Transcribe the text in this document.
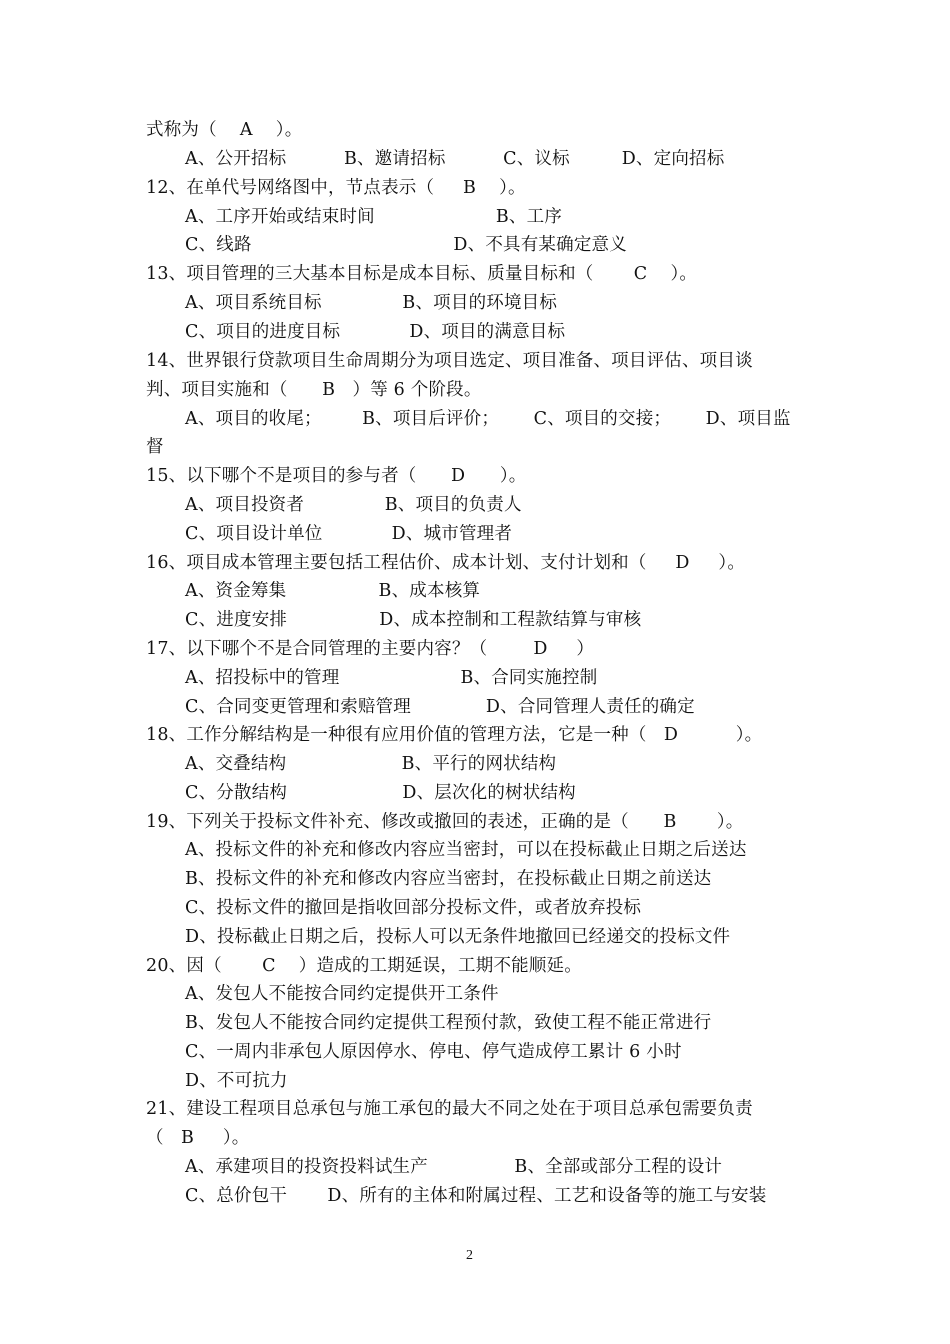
式称为（    A    ）。
A、公开招标          B、邀请招标          C、议标         D、定向招标
12、在单代号网络图中，节点表示（     B    ）。
A、工序开始或结束时间                     B、工序
C、线路                                   D、不具有某确定意义
13、项目管理的三大基本目标是成本目标、质量目标和（       C    ）。
A、项目系统目标              B、项目的环境目标
C、项目的进度目标            D、项目的满意目标
14、世界银行贷款项目生命周期分为项目选定、项目准备、项目评估、项目谈
判、项目实施和（      B   ）等 6 个阶段。
A、项目的收尾；       B、项目后评价；      C、项目的交接；      D、项目监
督
15、以下哪个不是项目的参与者（      D      ）。
A、项目投资者              B、项目的负责人
C、项目设计单位            D、城市管理者
16、项目成本管理主要包括工程估价、成本计划、支付计划和（     D     ）。
A、资金筹集                B、成本核算
C、进度安排                D、成本控制和工程款结算与审核
17、以下哪个不是合同管理的主要内容？（        D     ）
A、招投标中的管理                     B、合同实施控制
C、合同变更管理和索赔管理             D、合同管理人责任的确定
18、工作分解结构是一种很有应用价值的管理方法，它是一种（   D          ）。
A、交叠结构                    B、平行的网状结构
C、分散结构                    D、层次化的树状结构
19、下列关于投标文件补充、修改或撤回的表述，正确的是（      B       ）。
A、投标文件的补充和修改内容应当密封，可以在投标截止日期之后送达
B、投标文件的补充和修改内容应当密封，在投标截止日期之前送达
C、投标文件的撤回是指收回部分投标文件，或者放弃投标
D、投标截止日期之后，投标人可以无条件地撤回已经递交的投标文件
20、因（       C    ）造成的工期延误，工期不能顺延。
A、发包人不能按合同约定提供开工条件
B、发包人不能按合同约定提供工程预付款，致使工程不能正常进行
C、一周内非承包人原因停水、停电、停气造成停工累计 6 小时
D、不可抗力
21、建设工程项目总承包与施工承包的最大不同之处在于项目总承包需要负责
（   B     ）。
A、承建项目的投资投料试生产               B、全部或部分工程的设计
C、总价包干       D、所有的主体和附属过程、工艺和设备等的施工与安装
2
